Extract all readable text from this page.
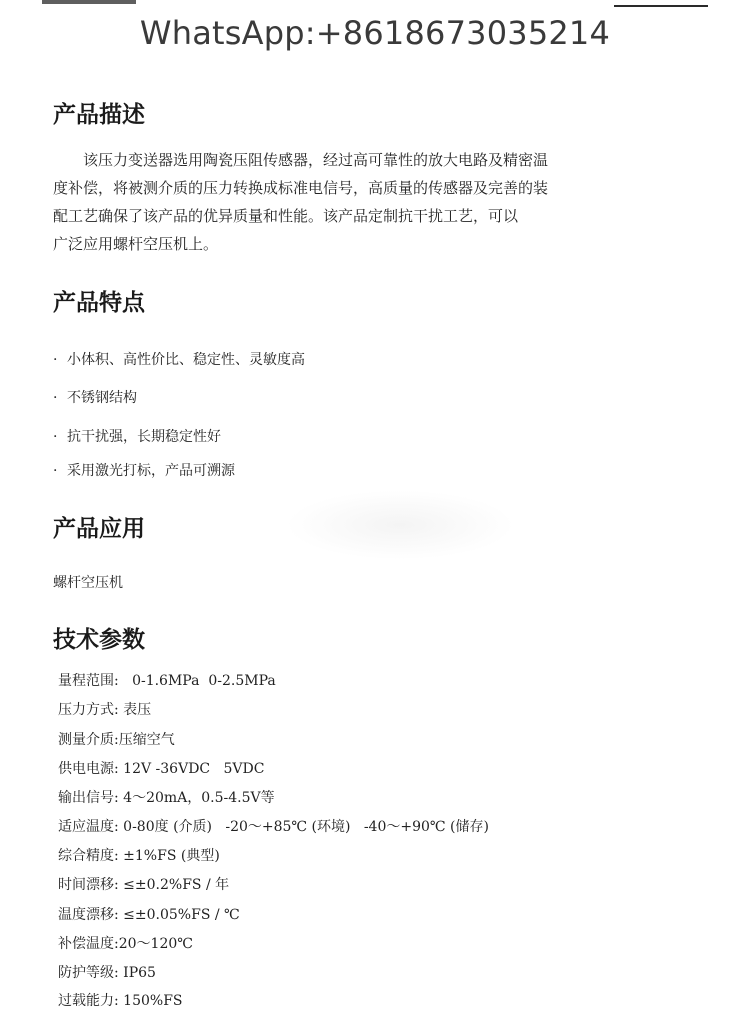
WhatsApp:+8618673035214
产品描述
该压力变送器选用陶瓷压阻传感器，经过高可靠性的放大电路及精密温
度补偿，将被测介质的压力转换成标准电信号，高质量的传感器及完善的装
配工艺确保了该产品的优异质量和性能。该产品定制抗干扰工艺，可以
广泛应用螺杆空压机上。
产品特点
· 小体积、高性价比、稳定性、灵敏度高
· 不锈钢结构
· 抗干扰强，长期稳定性好
· 采用激光打标，产品可溯源
产品应用
螺杆空压机
技术参数
量程范围:   0-1.6MPa  0-2.5MPa
压力方式: 表压
测量介质:压缩空气
供电电源: 12V -36VDC   5VDC
输出信号: 4～20mA，0.5-4.5V等
适应温度: 0-80度 (介质)   -20～+85℃ (环境)   -40～+90℃ (储存)
综合精度: ±1%FS (典型)
时间漂移: ≤±0.2%FS / 年
温度漂移: ≤±0.05%FS / ℃
补偿温度:20～120℃
防护等级: IP65
过载能力: 150%FS
